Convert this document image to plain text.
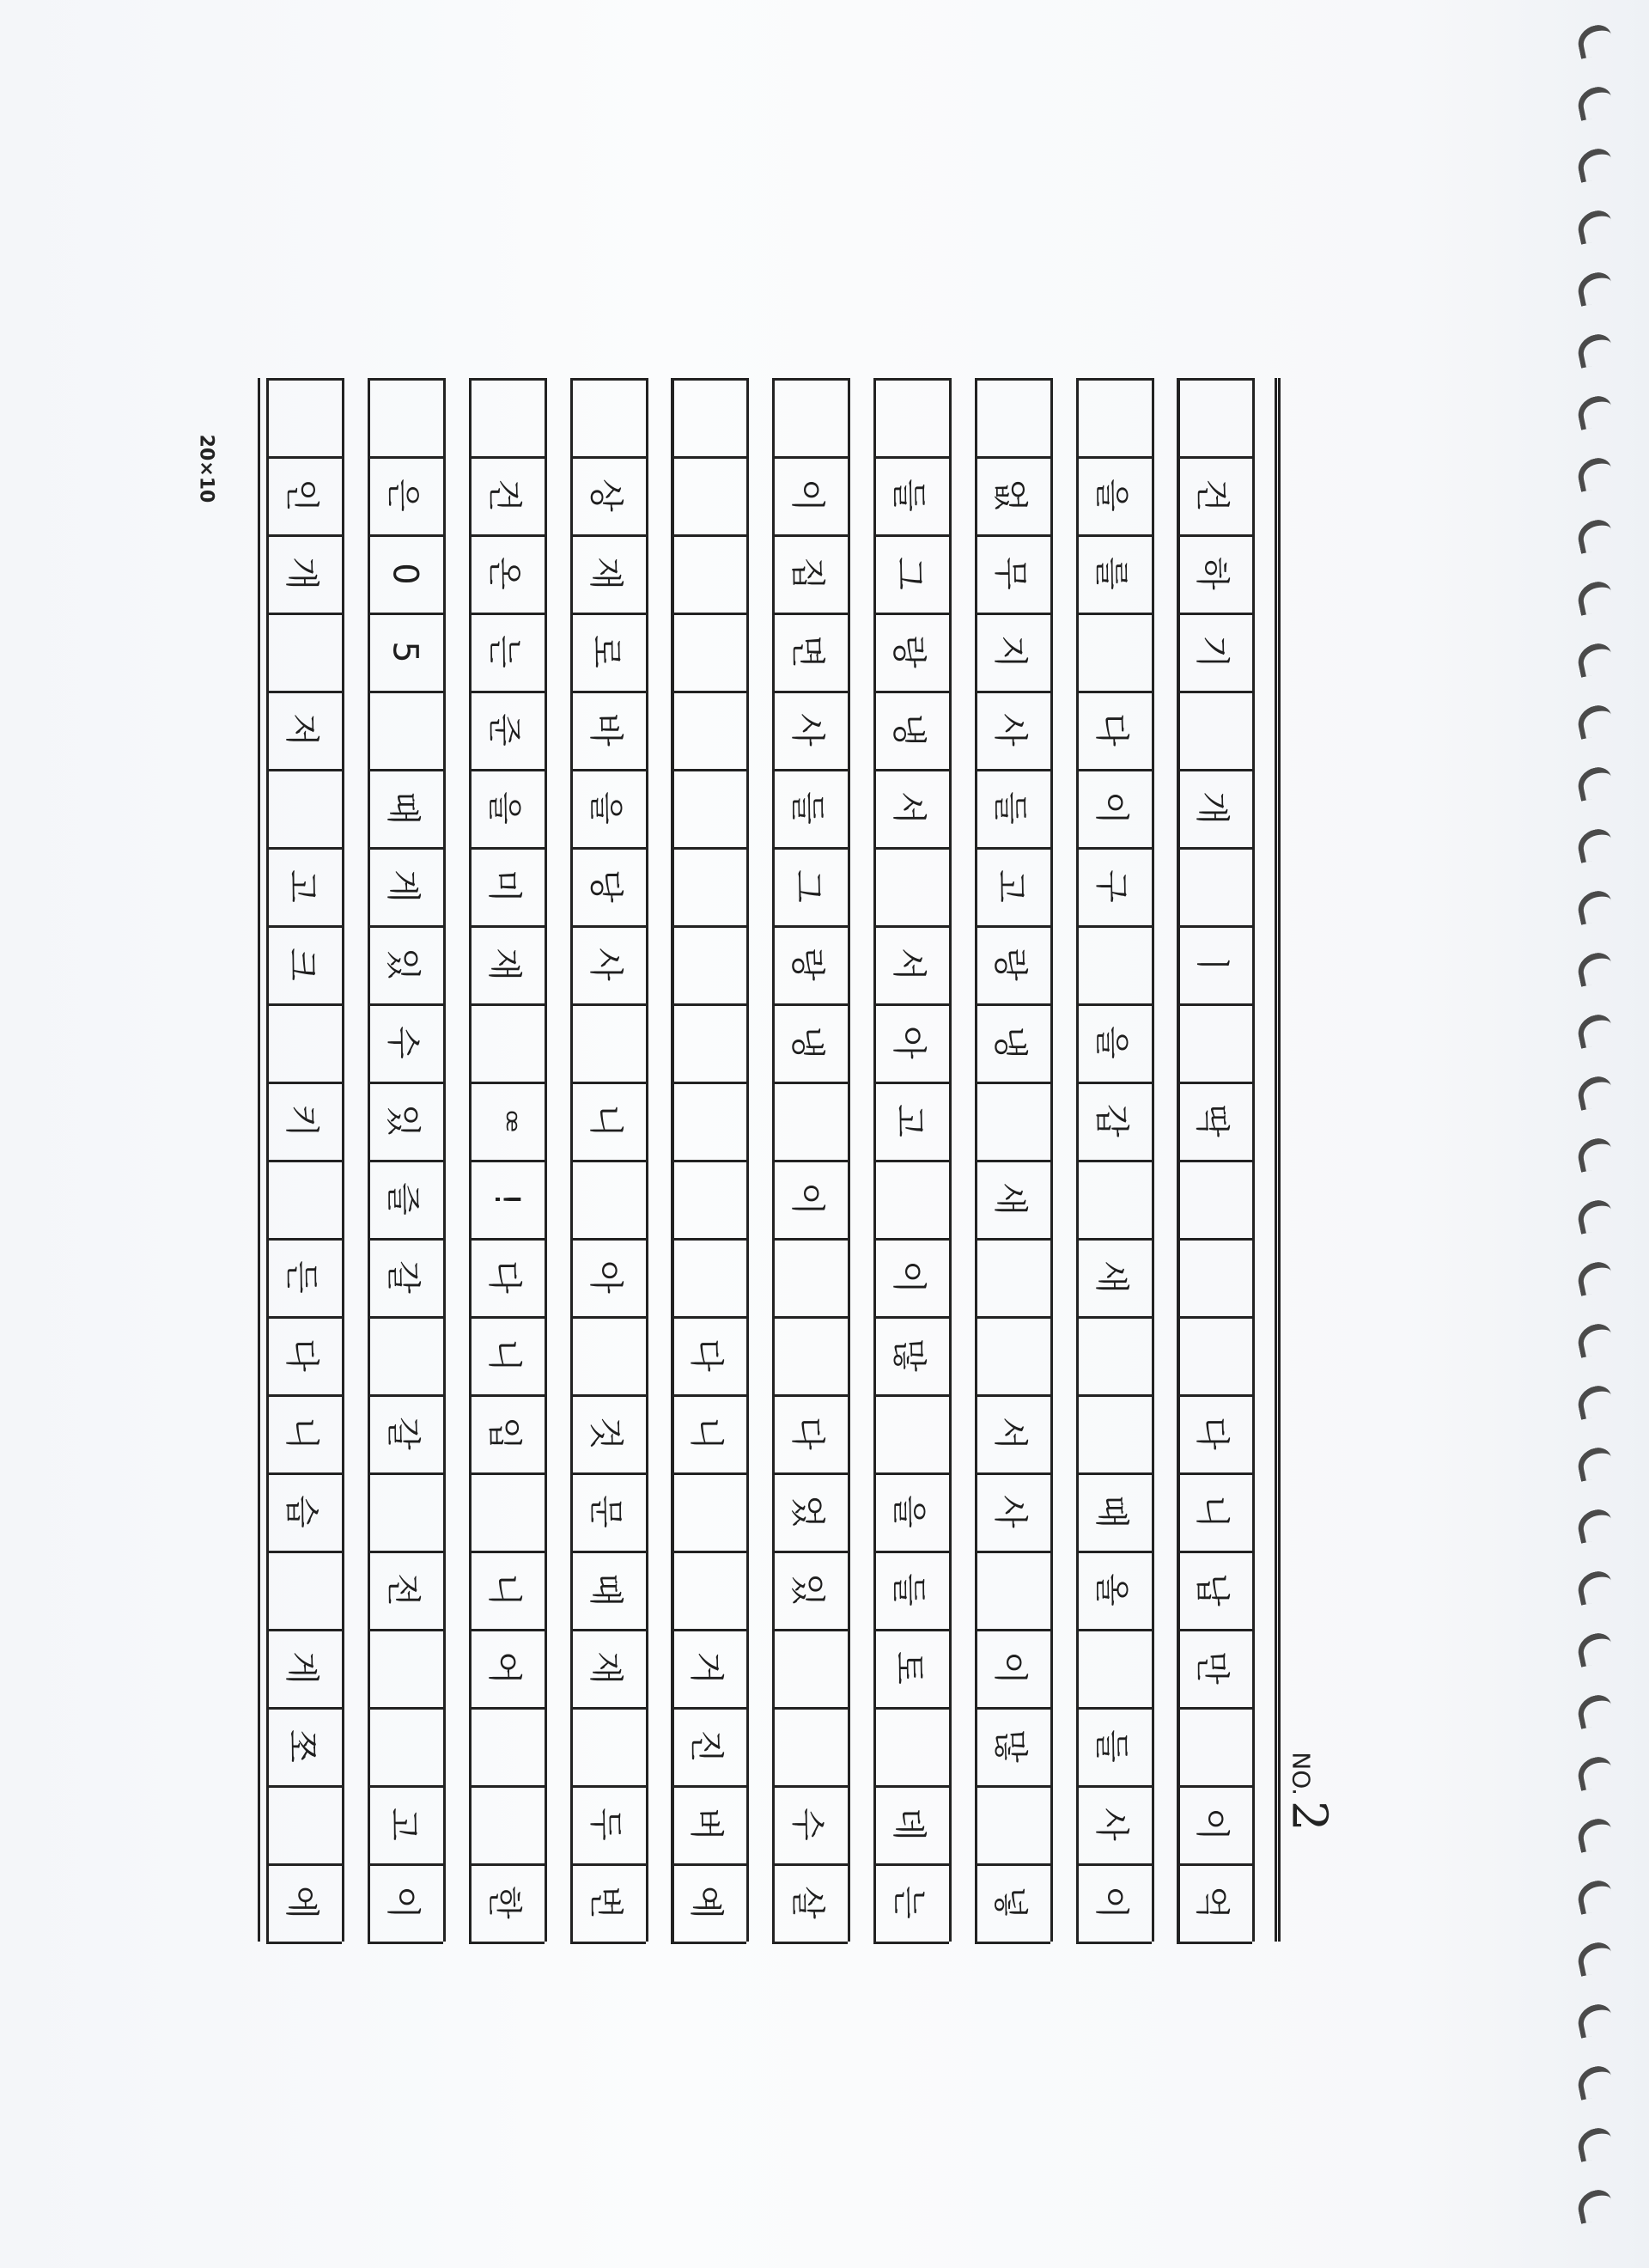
억
이
만
납
니
다
딱
ㅣ
개
기
하
건
이
사
들
올
때
새
갑
을
구
이
다
를
을
넣
많
이
사
서
새
냉
랑
고
들
사
지
무
없
는
데
토
들
을
많
이
고
아
서
서
냉
랑
그
들
살
수
있
었
다
이
냉
랑
그
들
사
면
집
이
예
버
진
거
니
다
번
두
재
때
문
것
아
니
사
당
을
바
로
재
상
한
어
니
입
니
다
!
ꟹ
재
미
을
준
는
온
건
이
고
전
갈
갈
즐
있
수
있
게
때
5
0
은
에
쪼
게
습
니
다
든
키
크
고
저
개
인
NO.2
20×10
